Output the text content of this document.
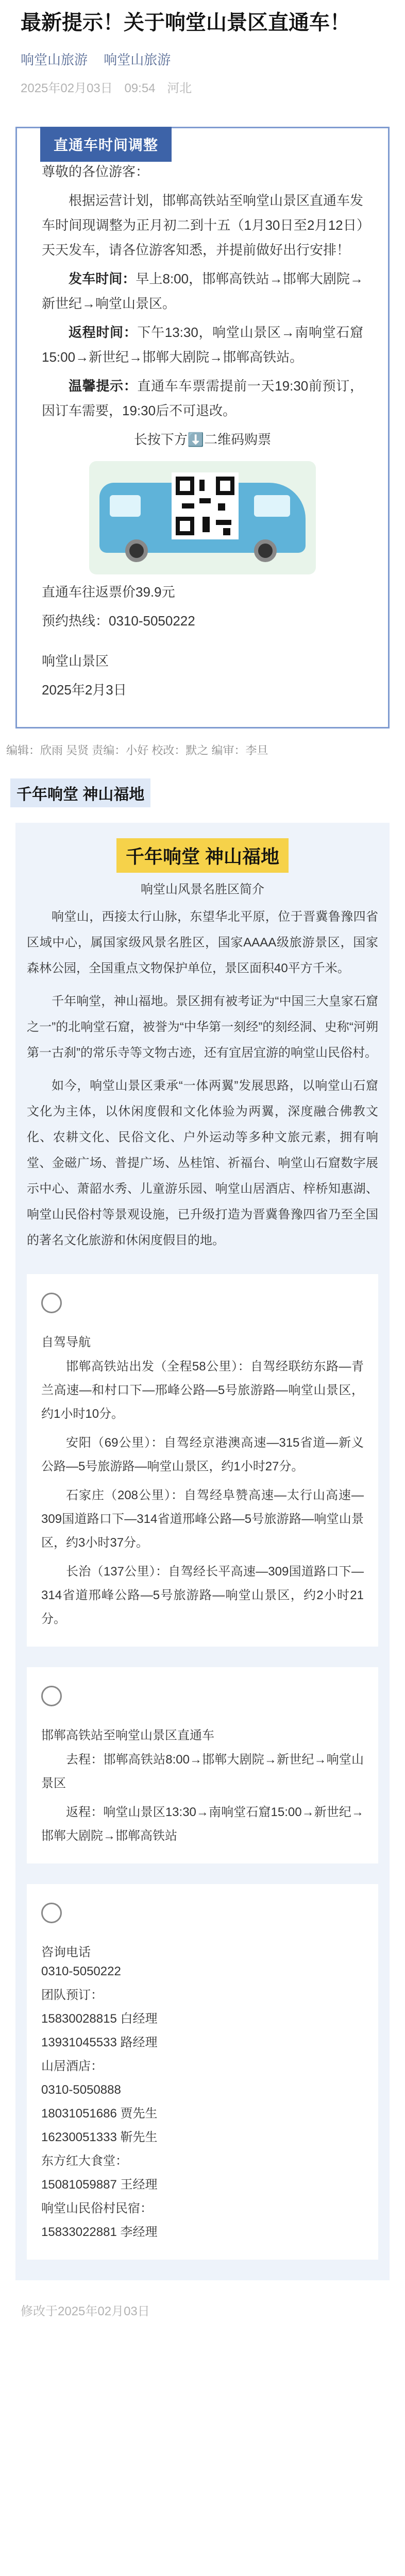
最新提示！关于响堂山景区直通车！
响堂山旅游 响堂山旅游
2025年02月03日 09:54 河北
直通车时间调整

尊敬的各位游客：

根据运营计划，邯郸高铁站至响堂山景区直通车发车时间现调整为正月初二到十五（1月30日至2月12日）天天发车，请各位游客知悉，并提前做好出行安排！

发车时间：早上8:00，邯郸高铁站→邯郸大剧院→新世纪→响堂山景区。

返程时间：下午13:30，响堂山景区→南响堂石窟15:00→新世纪→邯郸大剧院→邯郸高铁站。

温馨提示：直通车车票需提前一天19:30前预订，因订车需要，19:30后不可退改。

长按下方⬇️二维码购票

直通车往返票价39.9元

预约热线：0310-5050222

响堂山景区

2025年2月3日

编辑：欣雨 吴贤 责编：小好 校改：默之 编审：李旦
千年响堂 神山福地
千年响堂 神山福地
响堂山风景名胜区简介

响堂山，西接太行山脉，东望华北平原，位于晋冀鲁豫四省区域中心，属国家级风景名胜区，国家AAAA级旅游景区，国家森林公园，全国重点文物保护单位，景区面积40平方千米。

千年响堂，神山福地。景区拥有被考证为“中国三大皇家石窟之一”的北响堂石窟，被誉为“中华第一刻经”的刻经洞、史称“河朔第一古刹”的常乐寺等文物古迹，还有宜居宜游的响堂山民俗村。

如今，响堂山景区秉承“一体两翼”发展思路，以响堂山石窟文化为主体，以休闲度假和文化体验为两翼，深度融合佛教文化、农耕文化、民俗文化、户外运动等多种文旅元素，拥有响堂、金磁广场、普提广场、丛桂馆、祈福台、响堂山石窟数字展示中心、萧韶水秀、儿童游乐园、响堂山居酒店、梓桥知惠湖、响堂山民俗村等景观设施，已升级打造为晋冀鲁豫四省乃至全国的著名文化旅游和休闲度假目的地。

自驾导航

邯郸高铁站出发（全程58公里）：自驾经联纺东路—青兰高速—和村口下—邢峰公路—5号旅游路—响堂山景区，约1小时10分。

安阳（69公里）：自驾经京港澳高速—315省道—新义公路—5号旅游路—响堂山景区，约1小时27分。

石家庄（208公里）：自驾经阜赞高速—太行山高速—309国道路口下—314省道邢峰公路—5号旅游路—响堂山景区，约3小时37分。

长治（137公里）：自驾经长平高速—309国道路口下—314省道邢峰公路—5号旅游路—响堂山景区，约2小时21分。

邯郸高铁站至响堂山景区直通车

去程：邯郸高铁站8:00→邯郸大剧院→新世纪→响堂山景区

返程：响堂山景区13:30→南响堂石窟15:00→新世纪→邯郸大剧院→邯郸高铁站

咨询电话
0310-5050222
团队预订：
15830028815 白经理
13931045533 路经理
山居酒店：
0310-5050888
18031051686 贾先生
16230051333 靳先生
东方红大食堂：
15081059887 王经理
响堂山民俗村民宿：
15833022881 李经理
修改于2025年02月03日
